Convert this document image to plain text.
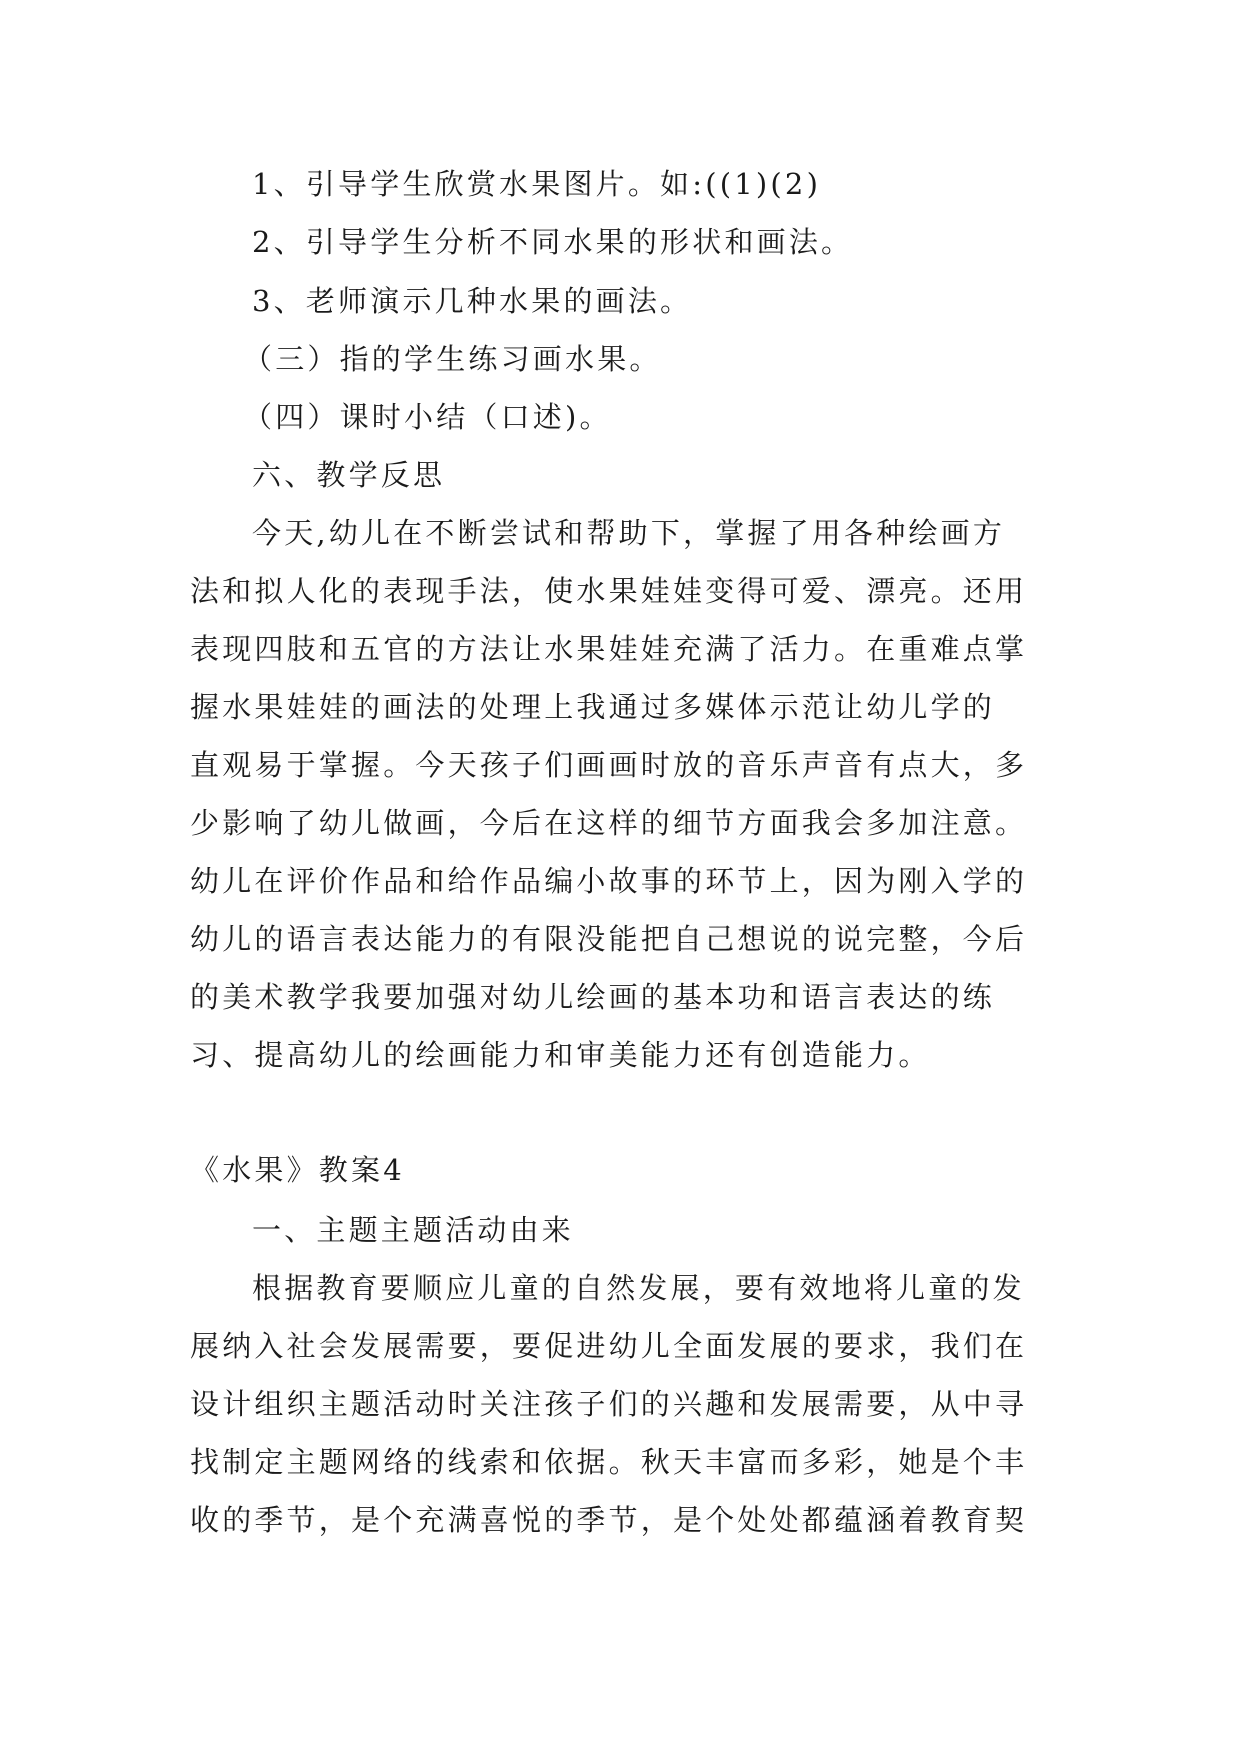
1、引导学生欣赏水果图片。如:((1)(2)
2、引导学生分析不同水果的形状和画法。
3、老师演示几种水果的画法。
（三）指的学生练习画水果。
（四）课时小结（口述)。
六、教学反思
今天,幼儿在不断尝试和帮助下，掌握了用各种绘画方
法和拟人化的表现手法，使水果娃娃变得可爱、漂亮。还用
表现四肢和五官的方法让水果娃娃充满了活力。在重难点掌
握水果娃娃的画法的处理上我通过多媒体示范让幼儿学的
直观易于掌握。今天孩子们画画时放的音乐声音有点大，多
少影响了幼儿做画，今后在这样的细节方面我会多加注意。
幼儿在评价作品和给作品编小故事的环节上，因为刚入学的
幼儿的语言表达能力的有限没能把自己想说的说完整，今后
的美术教学我要加强对幼儿绘画的基本功和语言表达的练
习、提高幼儿的绘画能力和审美能力还有创造能力。
《水果》教案4
一、主题主题活动由来
根据教育要顺应儿童的自然发展，要有效地将儿童的发
展纳入社会发展需要，要促进幼儿全面发展的要求，我们在
设计组织主题活动时关注孩子们的兴趣和发展需要，从中寻
找制定主题网络的线索和依据。秋天丰富而多彩，她是个丰
收的季节，是个充满喜悦的季节，是个处处都蕴涵着教育契
